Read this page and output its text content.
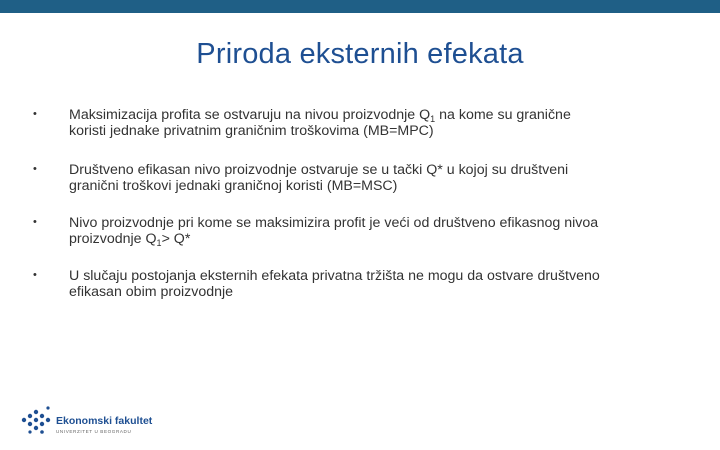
Priroda eksternih efekata
• Maksimizacija profita se ostvaruju na nivou proizvodnje $Q_1$ na kome su granične
koristi jednake privatnim graničnim troškovima (MB=MPC)
• Društveno efikasan nivo proizvodnje ostvaruje se u tački Q* u kojoj su društveni
granični troškovi jednaki graničnoj koristi (MB=MSC)
• Nivo proizvodnje pri kome se maksimizira profit je veći od društveno efikasnog nivoa
proizvodnje $Q_1> Q*$
• U slučaju postojanja eksternih efekata privatna tržišta ne mogu da ostvare društveno
efikasan obim proizvodnje
Ekonomski fakultet
UNIVERZITET U BEOGRADU
